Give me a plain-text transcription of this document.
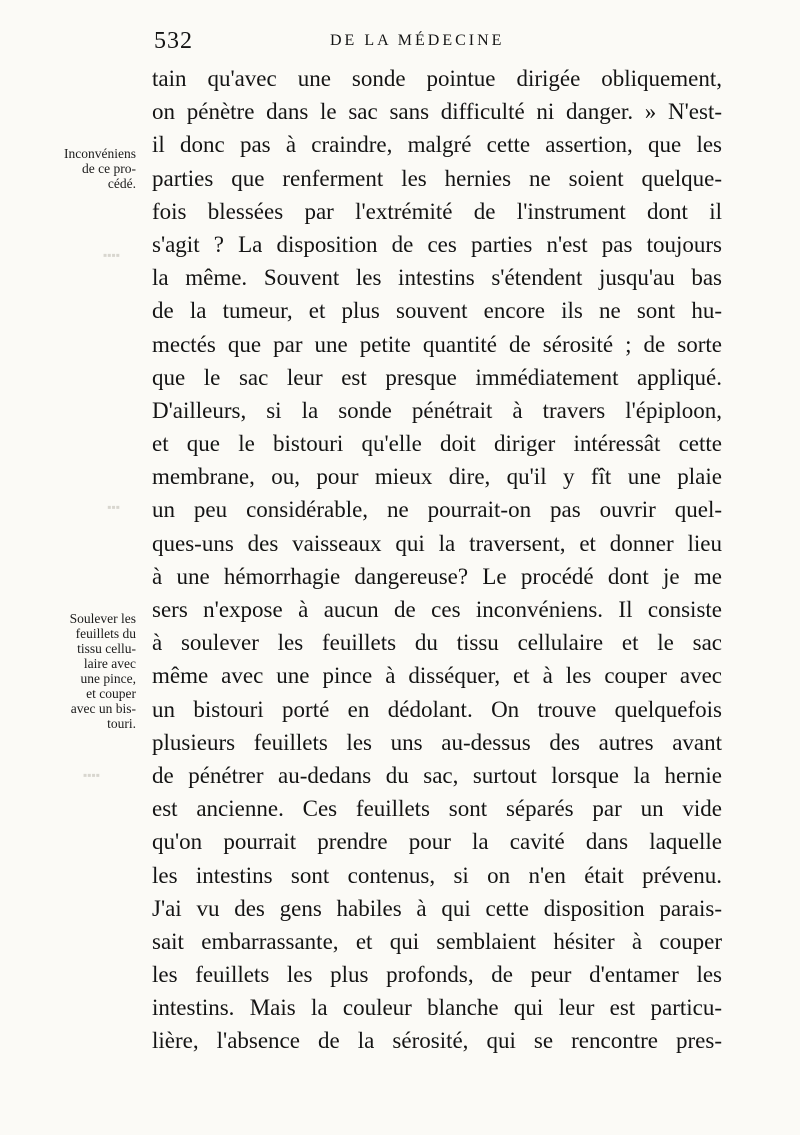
532	DE LA MÉDECINE
▪▪▪▪
▪▪▪
▪▪▪▪
Inconvéniens
de ce pro-
cédé.
Soulever les
feuillets du
tissu cellu-
laire avec
une pince,
et couper
avec un bis-
touri.
tain qu'avec une sonde pointue dirigée obliquement,
on pénètre dans le sac sans difficulté ni danger. » N'est-
il donc pas à craindre, malgré cette assertion, que les
parties que renferment les hernies ne soient quelque-
fois blessées par l'extrémité de l'instrument dont il
s'agit ? La disposition de ces parties n'est pas toujours
la même. Souvent les intestins s'étendent jusqu'au bas
de la tumeur, et plus souvent encore ils ne sont hu-
mectés que par une petite quantité de sérosité ; de sorte
que le sac leur est presque immédiatement appliqué.
D'ailleurs, si la sonde pénétrait à travers l'épiploon,
et que le bistouri qu'elle doit diriger intéressât cette
membrane, ou, pour mieux dire, qu'il y fît une plaie
un peu considérable, ne pourrait-on pas ouvrir quel-
ques-uns des vaisseaux qui la traversent, et donner lieu
à une hémorrhagie dangereuse? Le procédé dont je me
sers n'expose à aucun de ces inconvéniens. Il consiste
à soulever les feuillets du tissu cellulaire et le sac
même avec une pince à disséquer, et à les couper avec
un bistouri porté en dédolant. On trouve quelquefois
plusieurs feuillets les uns au-dessus des autres avant
de pénétrer au-dedans du sac, surtout lorsque la hernie
est ancienne. Ces feuillets sont séparés par un vide
qu'on pourrait prendre pour la cavité dans laquelle
les intestins sont contenus, si on n'en était prévenu.
J'ai vu des gens habiles à qui cette disposition parais-
sait embarrassante, et qui semblaient hésiter à couper
les feuillets les plus profonds, de peur d'entamer les
intestins. Mais la couleur blanche qui leur est particu-
lière, l'absence de la sérosité, qui se rencontre pres-
